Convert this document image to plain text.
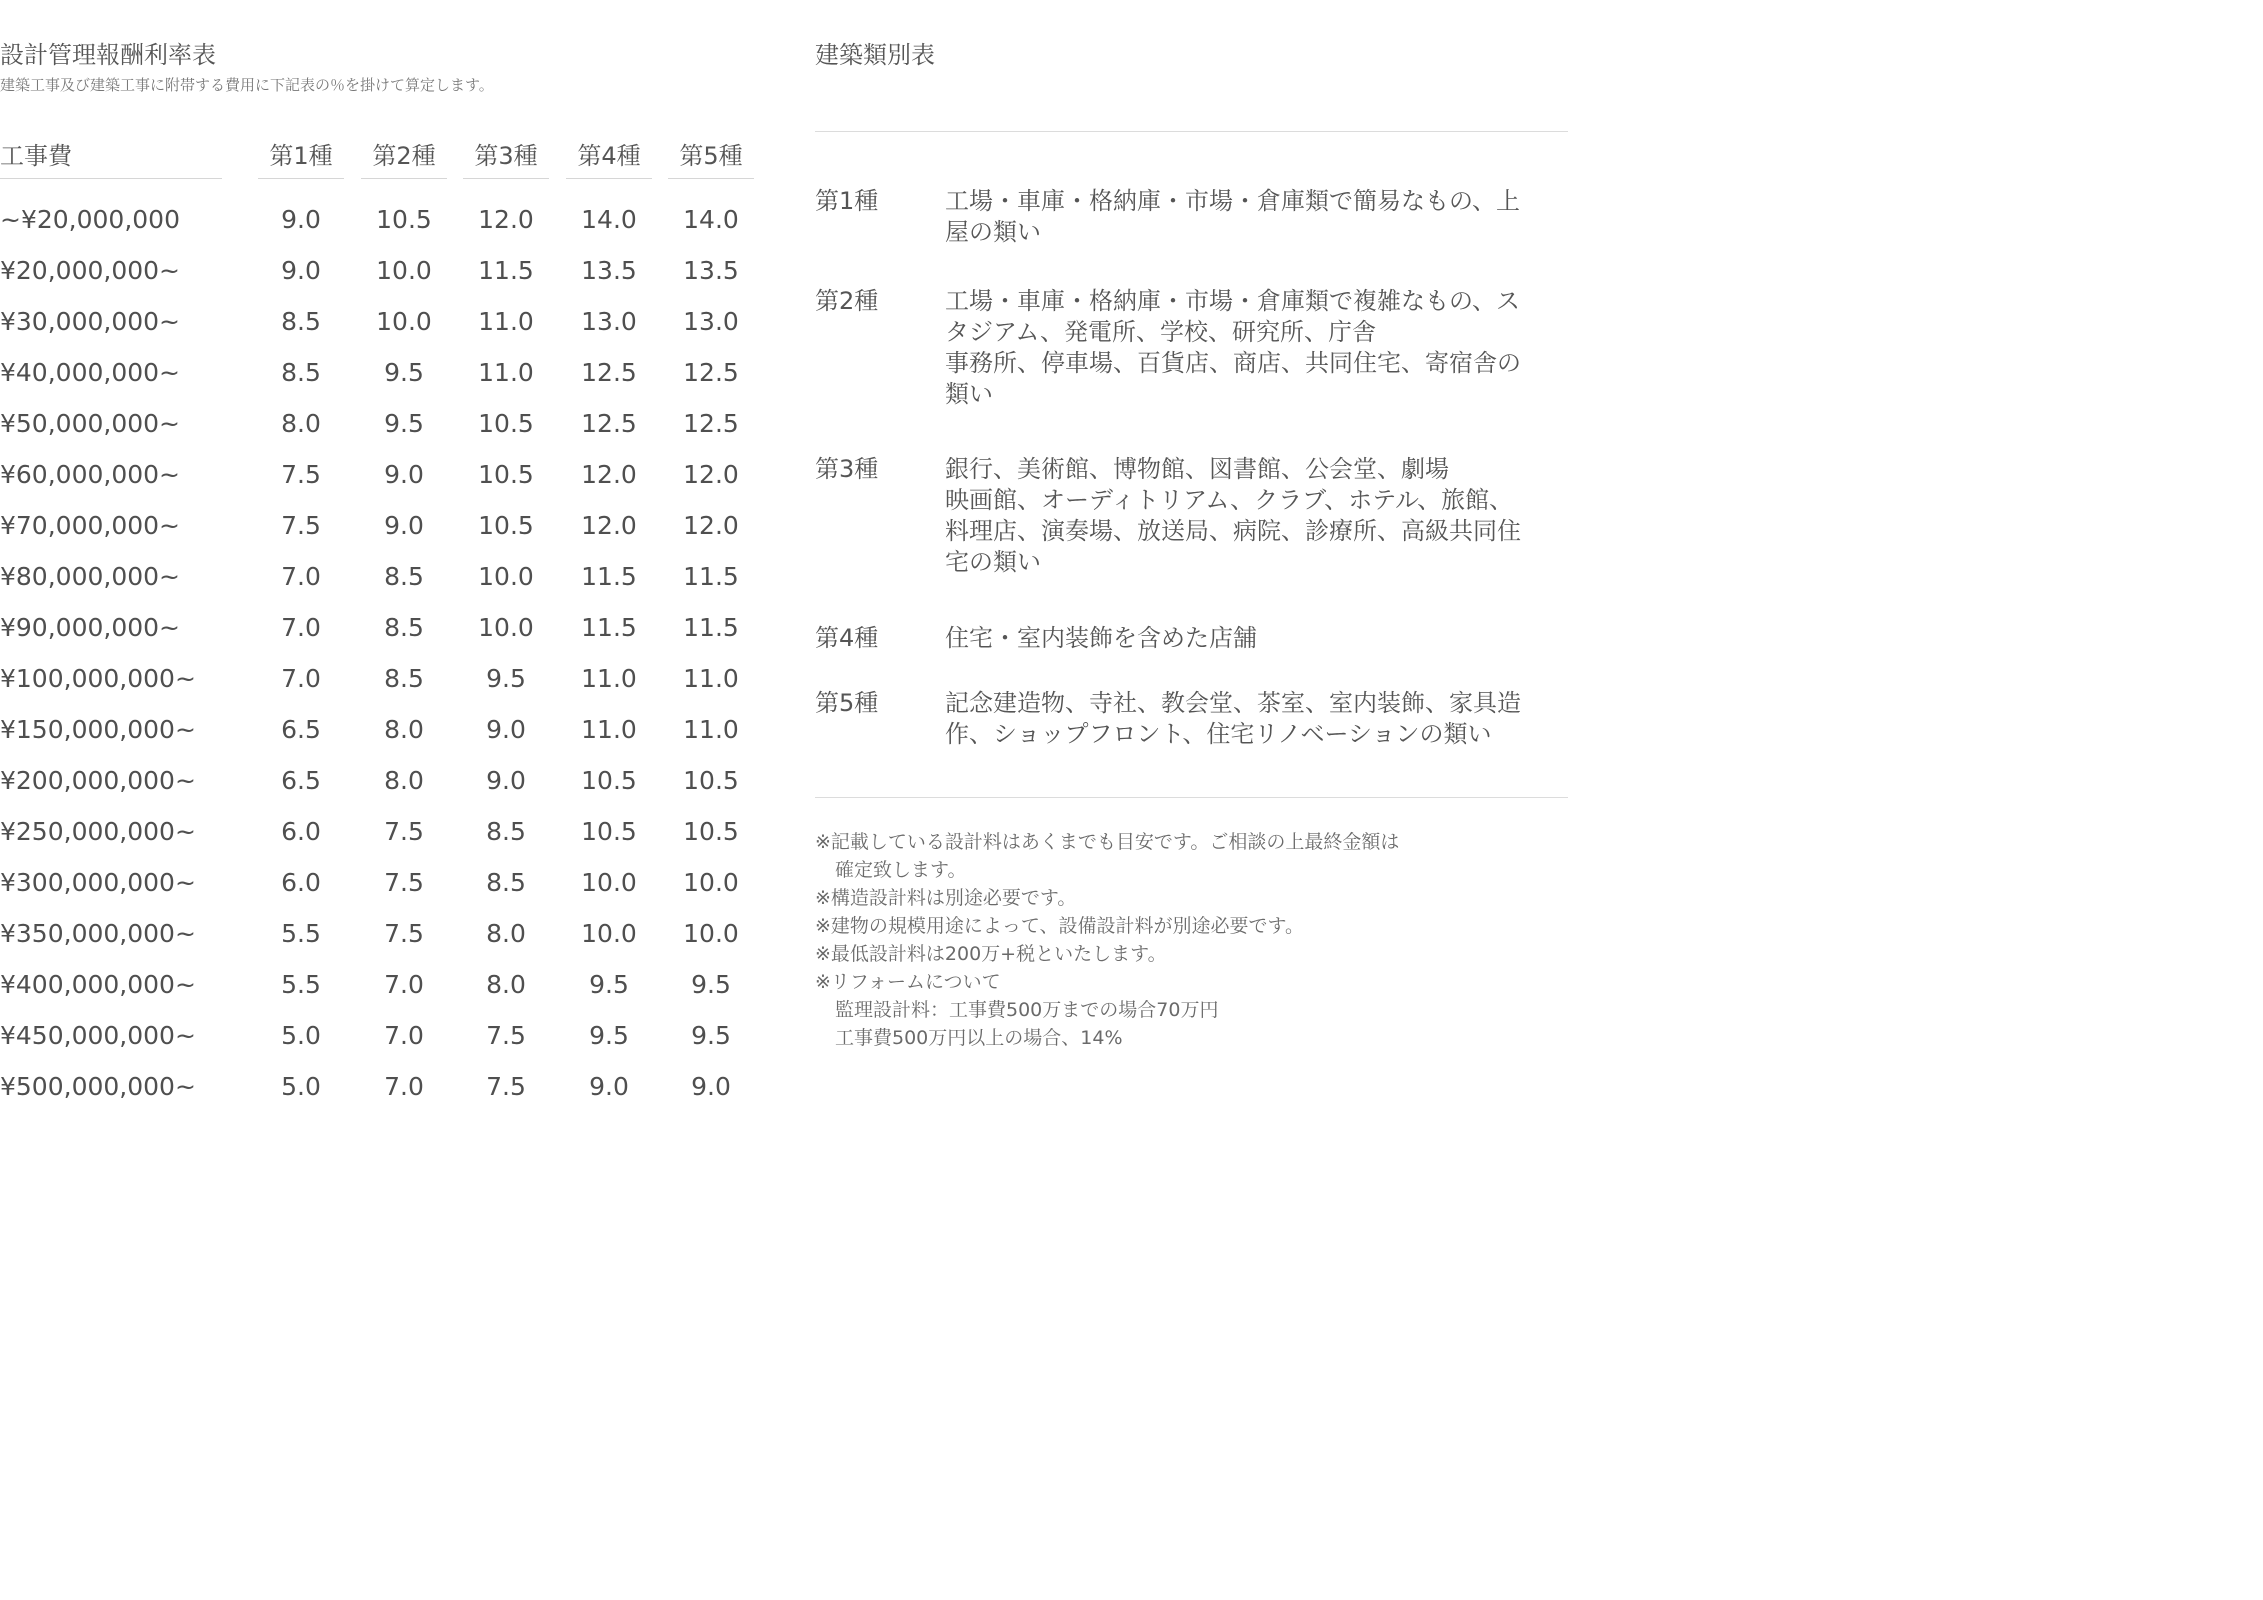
設計管理報酬利率表

建築工事及び建築工事に附帯する費用に下記表の％を掛けて算定します。

工事費	第1種	第2種	第3種	第4種	第5種
~¥20,000,000	9.0	10.5	12.0	14.0	14.0
¥20,000,000~	9.0	10.0	11.5	13.5	13.5
¥30,000,000~	8.5	10.0	11.0	13.0	13.0
¥40,000,000~	8.5	9.5	11.0	12.5	12.5
¥50,000,000~	8.0	9.5	10.5	12.5	12.5
¥60,000,000~	7.5	9.0	10.5	12.0	12.0
¥70,000,000~	7.5	9.0	10.5	12.0	12.0
¥80,000,000~	7.0	8.5	10.0	11.5	11.5
¥90,000,000~	7.0	8.5	10.0	11.5	11.5
¥100,000,000~	7.0	8.5	9.5	11.0	11.0
¥150,000,000~	6.5	8.0	9.0	11.0	11.0
¥200,000,000~	6.5	8.0	9.0	10.5	10.5
¥250,000,000~	6.0	7.5	8.5	10.5	10.5
¥300,000,000~	6.0	7.5	8.5	10.0	10.0
¥350,000,000~	5.5	7.5	8.0	10.0	10.0
¥400,000,000~	5.5	7.0	8.0	9.5	9.5
¥450,000,000~	5.0	7.0	7.5	9.5	9.5
¥500,000,000~	5.0	7.0	7.5	9.0	9.0
建築類別表
第1種	工場・車庫・格納庫・市場・倉庫類で簡易なもの、上
屋の類い
第2種	工場・車庫・格納庫・市場・倉庫類で複雑なもの、ス
タジアム、発電所、学校、研究所、庁舎
事務所、停車場、百貨店、商店、共同住宅、寄宿舎の
類い
第3種	銀行、美術館、博物館、図書館、公会堂、劇場
映画館、オーディトリアム、クラブ、ホテル、旅館、
料理店、演奏場、放送局、病院、診療所、高級共同住
宅の類い
第4種	住宅・室内装飾を含めた店舗
第5種	記念建造物、寺社、教会堂、茶室、室内装飾、家具造
作、ショップフロント、住宅リノベーションの類い
※記載している設計料はあくまでも目安です。ご相談の上最終金額は
確定致します。
※構造設計料は別途必要です。
※建物の規模用途によって、設備設計料が別途必要です。
※最低設計料は200万+税といたします。
※リフォームについて
監理設計料：工事費500万までの場合70万円
工事費500万円以上の場合、14%
